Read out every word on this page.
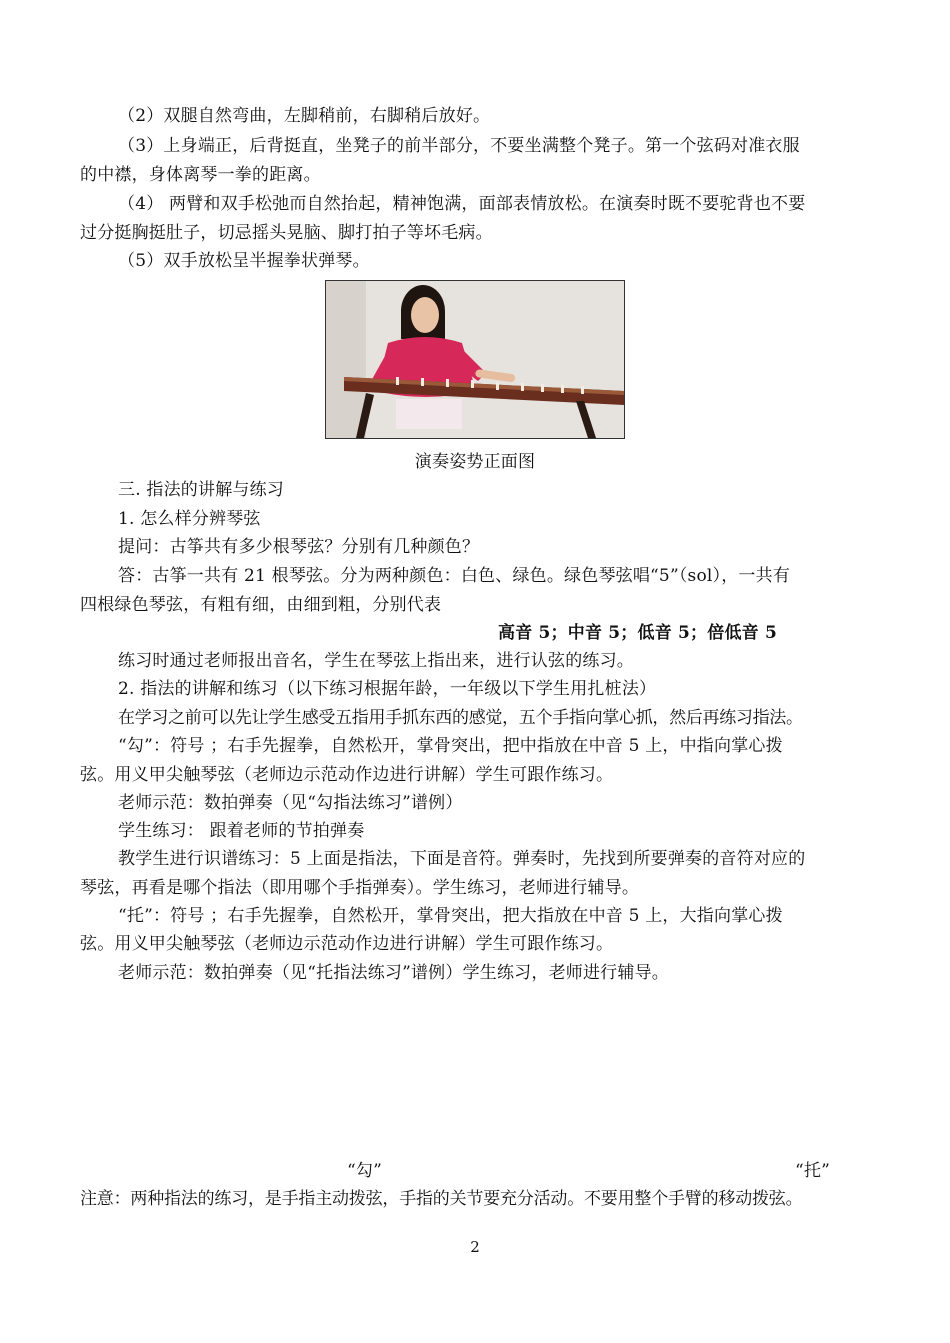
（2）双腿自然弯曲，左脚稍前，右脚稍后放好。
（3）上身端正，后背挺直，坐凳子的前半部分，不要坐满整个凳子。第一个弦码对准衣服
的中襟，身体离琴一拳的距离。
（4） 两臂和双手松弛而自然抬起，精神饱满，面部表情放松。在演奏时既不要驼背也不要
过分挺胸挺肚子，切忌摇头晃脑、脚打拍子等坏毛病。
（5）双手放松呈半握拳状弹琴。
演奏姿势正面图
三. 指法的讲解与练习
1. 怎么样分辨琴弦
提问：古筝共有多少根琴弦？分别有几种颜色？
答：古筝一共有 21 根琴弦。分为两种颜色：白色、绿色。绿色琴弦唱“5”（sol），一共有
四根绿色琴弦，有粗有细，由细到粗，分别代表
高音 5；中音 5；低音 5；倍低音 5
练习时通过老师报出音名，学生在琴弦上指出来，进行认弦的练习。
2. 指法的讲解和练习（以下练习根据年龄，一年级以下学生用扎桩法）
在学习之前可以先让学生感受五指用手抓东西的感觉，五个手指向掌心抓，然后再练习指法。
“勾”：符号 ；右手先握拳，自然松开，掌骨突出，把中指放在中音 5 上，中指向掌心拨
弦。用义甲尖触琴弦（老师边示范动作边进行讲解）学生可跟作练习。
老师示范：数拍弹奏（见“勾指法练习”谱例）
学生练习： 跟着老师的节拍弹奏
教学生进行识谱练习：5 上面是指法，下面是音符。弹奏时，先找到所要弹奏的音符对应的
琴弦，再看是哪个指法（即用哪个手指弹奏）。学生练习，老师进行辅导。
“托”：符号 ；右手先握拳，自然松开，掌骨突出，把大指放在中音 5 上，大指向掌心拨
弦。用义甲尖触琴弦（老师边示范动作边进行讲解）学生可跟作练习。
老师示范：数拍弹奏（见“托指法练习”谱例）学生练习，老师进行辅导。
“勾”	“托”
注意：两种指法的练习，是手指主动拨弦，手指的关节要充分活动。不要用整个手臂的移动拨弦。
2
